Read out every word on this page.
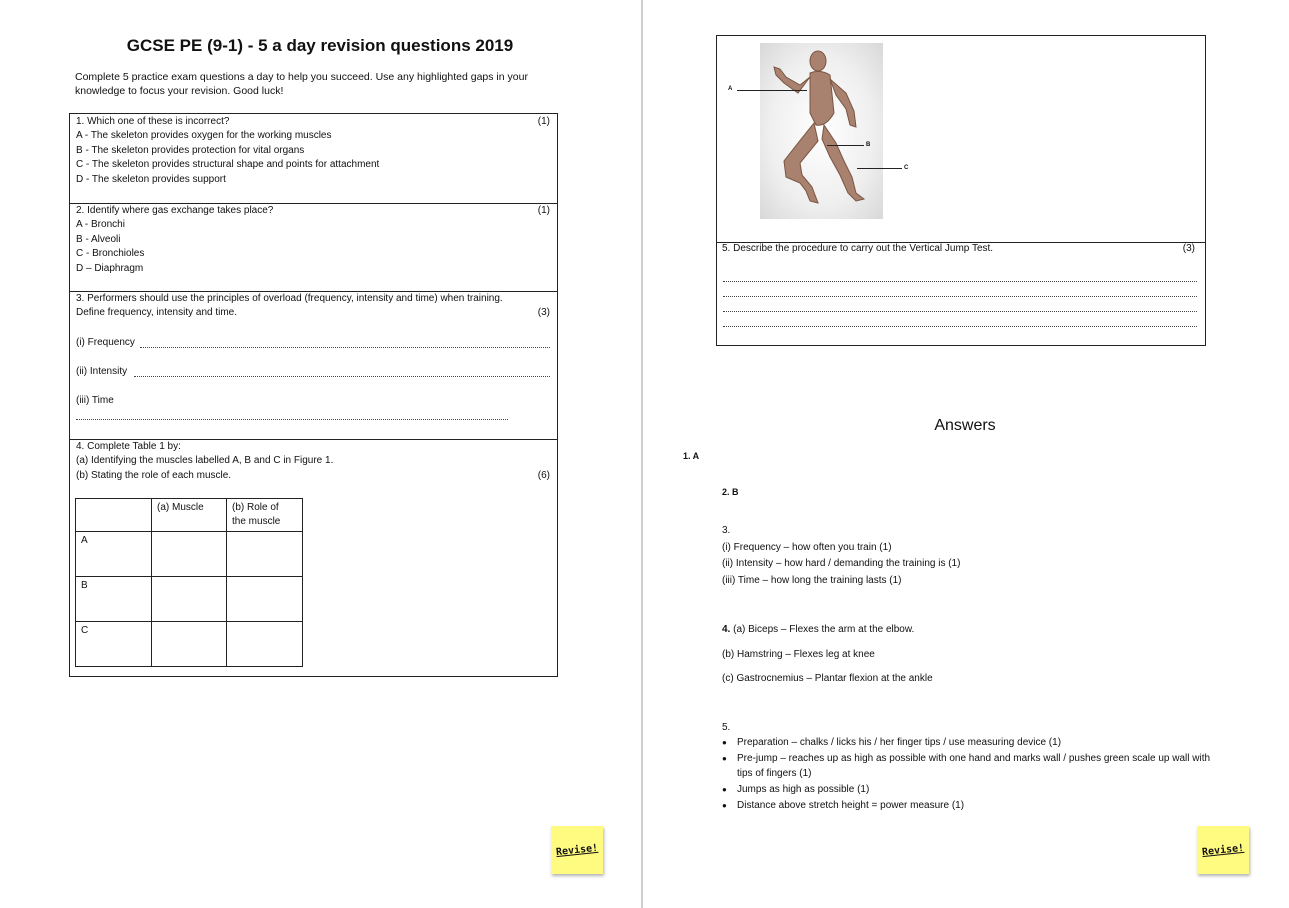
GCSE PE (9-1) - 5 a day revision questions 2019
Complete 5 practice exam questions a day to help you succeed. Use any highlighted gaps in your
knowledge to focus your revision. Good luck!
1. Which one of these is incorrect?	(1)
A - The skeleton provides oxygen for the working muscles
B - The skeleton provides protection for vital organs
C - The skeleton provides structural shape and points for attachment
D - The skeleton provides support
2. Identify where gas exchange takes place?	(1)
A - Bronchi
B - Alveoli
C - Bronchioles
D – Diaphragm
3. Performers should use the principles of overload (frequency, intensity and time) when training.
Define frequency, intensity and time.	(3)
(i) Frequency
(ii) Intensity
(iii) Time
4. Complete Table 1 by:
(a) Identifying the muscles labelled A, B and C in Figure 1.
(b) Stating the role of each muscle.	(6)
	(a) Muscle	(b) Role of
the muscle

A		
B		
C		
Revise!
A
B
C
5. Describe the procedure to carry out the Vertical Jump Test.	(3)
Answers
1. A
2. B
3.
(i) Frequency – how often you train (1)
(ii) Intensity – how hard / demanding the training is (1)
(iii) Time – how long the training lasts (1)
4. (a) Biceps – Flexes the arm at the elbow.
(b) Hamstring – Flexes leg at knee
(c) Gastrocnemius – Plantar flexion at the ankle
5.
● Preparation – chalks / licks his / her finger tips / use measuring device (1)
● Pre-jump – reaches up as high as possible with one hand and marks wall / pushes green scale up wall with tips of fingers (1)
● Jumps as high as possible (1)
● Distance above stretch height = power measure (1)
Revise!
